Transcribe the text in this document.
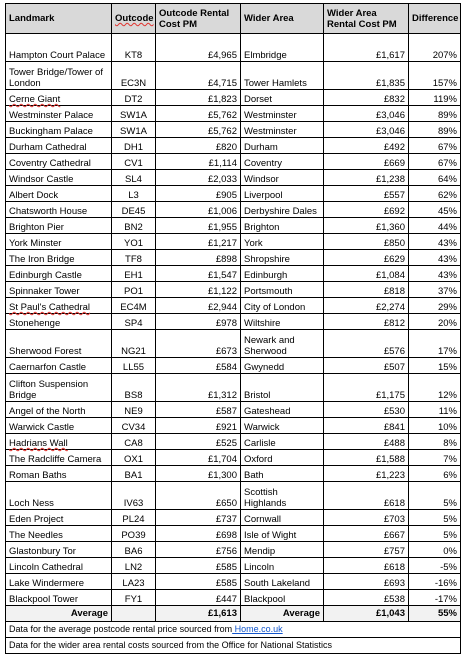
Landmark	Outcode	Outcode Rental Cost PM	Wider Area	Wider Area Rental Cost PM	Difference
Hampton Court Palace	KT8	£4,965	Elmbridge	£1,617	207%
Tower Bridge/Tower of London	EC3N	£4,715	Tower Hamlets	£1,835	157%
Cerne Giant	DT2	£1,823	Dorset	£832	119%
Westminster Palace	SW1A	£5,762	Westminster	£3,046	89%
Buckingham Palace	SW1A	£5,762	Westminster	£3,046	89%
Durham Cathedral	DH1	£820	Durham	£492	67%
Coventry Cathedral	CV1	£1,114	Coventry	£669	67%
Windsor Castle	SL4	£2,033	Windsor	£1,238	64%
Albert Dock	L3	£905	Liverpool	£557	62%
Chatsworth House	DE45	£1,006	Derbyshire Dales	£692	45%
Brighton Pier	BN2	£1,955	Brighton	£1,360	44%
York Minster	YO1	£1,217	York	£850	43%
The Iron Bridge	TF8	£898	Shropshire	£629	43%
Edinburgh Castle	EH1	£1,547	Edinburgh	£1,084	43%
Spinnaker Tower	PO1	£1,122	Portsmouth	£818	37%
St Paul's Cathedral	EC4M	£2,944	City of London	£2,274	29%
Stonehenge	SP4	£978	Wiltshire	£812	20%
Sherwood Forest	NG21	£673	Newark and Sherwood	£576	17%
Caernarfon Castle	LL55	£584	Gwynedd	£507	15%
Clifton Suspension Bridge	BS8	£1,312	Bristol	£1,175	12%
Angel of the North	NE9	£587	Gateshead	£530	11%
Warwick Castle	CV34	£921	Warwick	£841	10%
Hadrians Wall	CA8	£525	Carlisle	£488	8%
The Radcliffe Camera	OX1	£1,704	Oxford	£1,588	7%
Roman Baths	BA1	£1,300	Bath	£1,223	6%
Loch Ness	IV63	£650	Scottish Highlands	£618	5%
Eden Project	PL24	£737	Cornwall	£703	5%
The Needles	PO39	£698	Isle of Wight	£667	5%
Glastonbury Tor	BA6	£756	Mendip	£757	0%
Lincoln Cathedral	LN2	£585	Lincoln	£618	-5%
Lake Windermere	LA23	£585	South Lakeland	£693	-16%
Blackpool Tower	FY1	£447	Blackpool	£538	-17%
Average		£1,613	Average	£1,043	55%
Data for the average postcode rental price sourced from Home.co.uk					
Data for the wider area rental costs sourced from the Office for National Statistics					
